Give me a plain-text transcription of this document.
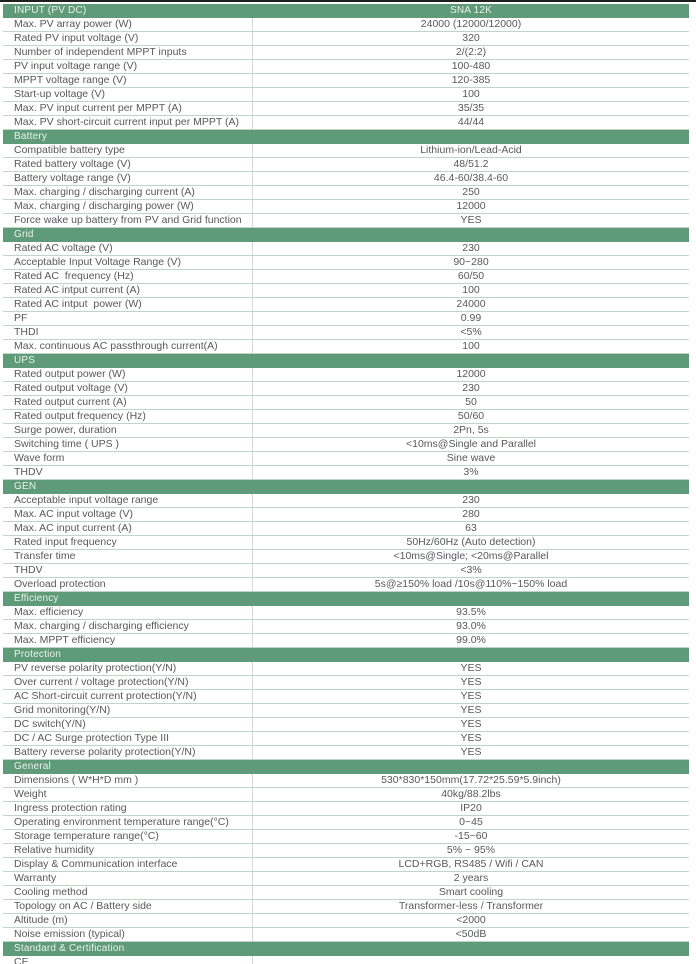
INPUT (PV DC)	SNA 12K
Max. PV array power (W)	24000 (12000/12000)
Rated PV input voltage (V)	320
Number of independent MPPT inputs	2/(2:2)
PV input voltage range (V)	100-480
MPPT voltage range (V)	120-385
Start-up voltage (V)	100
Max. PV input current per MPPT (A)	35/35
Max. PV short-circuit current input per MPPT (A)	44/44
Battery
Compatible battery type	Lithium-ion/Lead-Acid
Rated battery voltage (V)	48/51.2
Battery voltage range (V)	46.4-60/38.4-60
Max. charging / discharging current (A)	250
Max. charging / discharging power (W)	12000
Force wake up battery from PV and Grid function	YES
Grid
Rated AC voltage (V)	230
Acceptable Input Voltage Range (V)	90~280
Rated AC  frequency (Hz)	60/50
Rated AC intput current (A)	100
Rated AC intput  power (W)	24000
PF	0.99
THDI	<5%
Max. continuous AC passthrough current(A)	100
UPS
Rated output power (W)	12000
Rated output voltage (V)	230
Rated output current (A)	50
Rated output frequency (Hz)	50/60
Surge power, duration	2Pn, 5s
Switching time ( UPS )	<10ms@Single and Parallel
Wave form	Sine wave
THDV	3%
GEN
Acceptable input voltage range	230
Max. AC input voltage (V)	280
Max. AC input current (A)	63
Rated input frequency	50Hz/60Hz (Auto detection)
Transfer time	<10ms@Single; <20ms@Parallel
THDV	<3%
Overload protection	5s@≥150% load /10s@110%~150% load
Efficiency
Max. efficiency	93.5%
Max. charging / discharging efficiency	93.0%
Max. MPPT efficiency	99.0%
Protection
PV reverse polarity protection(Y/N)	YES
Over current / voltage protection(Y/N)	YES
AC Short-circuit current protection(Y/N)	YES
Grid monitoring(Y/N)	YES
DC switch(Y/N)	YES
DC / AC Surge protection Type III	YES
Battery reverse polarity protection(Y/N)	YES
General
Dimensions ( W*H*D mm )	530*830*150mm(17.72*25.59*5.9inch)
Weight	40kg/88.2lbs
Ingress protection rating	IP20
Operating environment temperature range(°C)	0~45
Storage temperature range(°C)	-15~60
Relative humidity	5% ~ 95%
Display & Communication interface	LCD+RGB, RS485 / Wifi / CAN
Warranty	2 years
Cooling method	Smart cooling
Topology on AC / Battery side	Transformer-less / Transformer
Altitude (m)	<2000
Noise emission (typical)	<50dB
Standard & Certification
CE
